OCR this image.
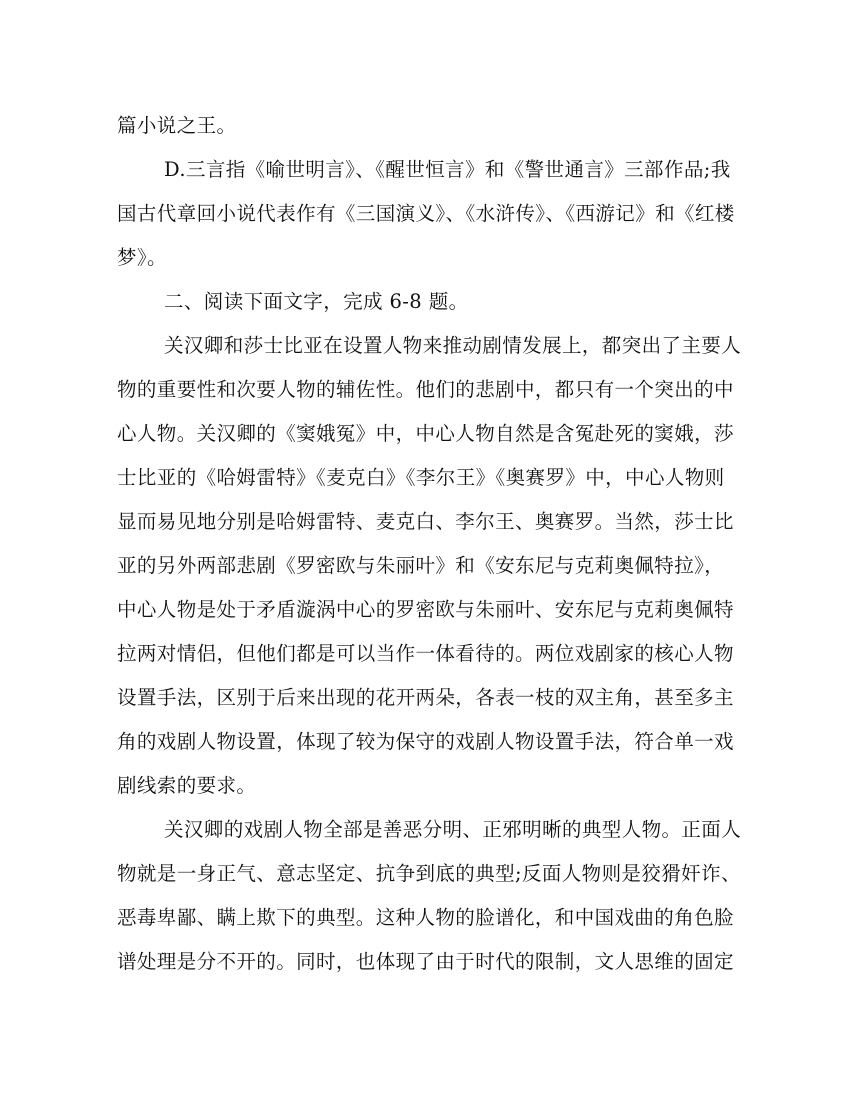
篇小说之王。
D.三言指《喻世明言》、《醒世恒言》和《警世通言》三部作品;我
国古代章回小说代表作有《三国演义》、《水浒传》、《西游记》和《红楼
梦》。
二、阅读下面文字，完成 6-8 题。
关汉卿和莎士比亚在设置人物来推动剧情发展上，都突出了主要人
物的重要性和次要人物的辅佐性。他们的悲剧中，都只有一个突出的中
心人物。关汉卿的《窦娥冤》中，中心人物自然是含冤赴死的窦娥，莎
士比亚的《哈姆雷特》《麦克白》《李尔王》《奥赛罗》中，中心人物则
显而易见地分别是哈姆雷特、麦克白、李尔王、奥赛罗。当然，莎士比
亚的另外两部悲剧《罗密欧与朱丽叶》和《安东尼与克莉奥佩特拉》，
中心人物是处于矛盾漩涡中心的罗密欧与朱丽叶、安东尼与克莉奥佩特
拉两对情侣，但他们都是可以当作一体看待的。两位戏剧家的核心人物
设置手法，区别于后来出现的花开两朵，各表一枝的双主角，甚至多主
角的戏剧人物设置，体现了较为保守的戏剧人物设置手法，符合单一戏
剧线索的要求。
关汉卿的戏剧人物全部是善恶分明、正邪明晰的典型人物。正面人
物就是一身正气、意志坚定、抗争到底的典型;反面人物则是狡猾奸诈、
恶毒卑鄙、瞒上欺下的典型。这种人物的脸谱化，和中国戏曲的角色脸
谱处理是分不开的。同时，也体现了由于时代的限制，文人思维的固定
